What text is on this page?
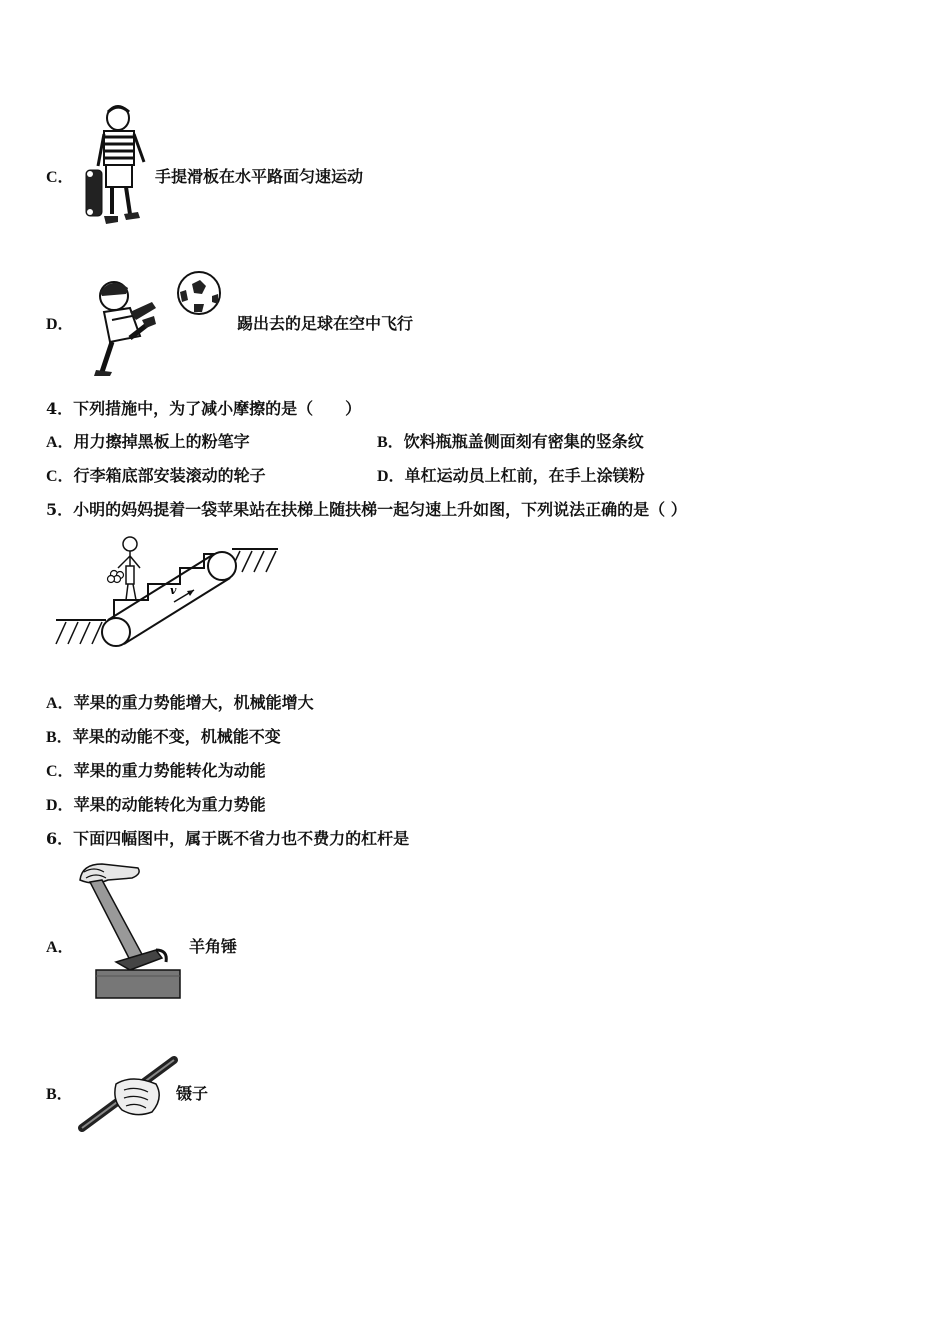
C．	手提滑板在水平路面匀速运动
D．	踢出去的足球在空中飞行
4．下列措施中，为了减小摩擦的是（　　）
A．用力擦掉黑板上的粉笔字	B．饮料瓶瓶盖侧面刻有密集的竖条纹
C．行李箱底部安装滚动的轮子	D．单杠运动员上杠前，在手上涂镁粉
5．小明的妈妈提着一袋苹果站在扶梯上随扶梯一起匀速上升如图，下列说法正确的是（ ）
v
A．苹果的重力势能增大，机械能增大
B．苹果的动能不变，机械能不变
C．苹果的重力势能转化为动能
D．苹果的动能转化为重力势能
6．下面四幅图中，属于既不省力也不费力的杠杆是
A．	羊角锤
B．	镊子
